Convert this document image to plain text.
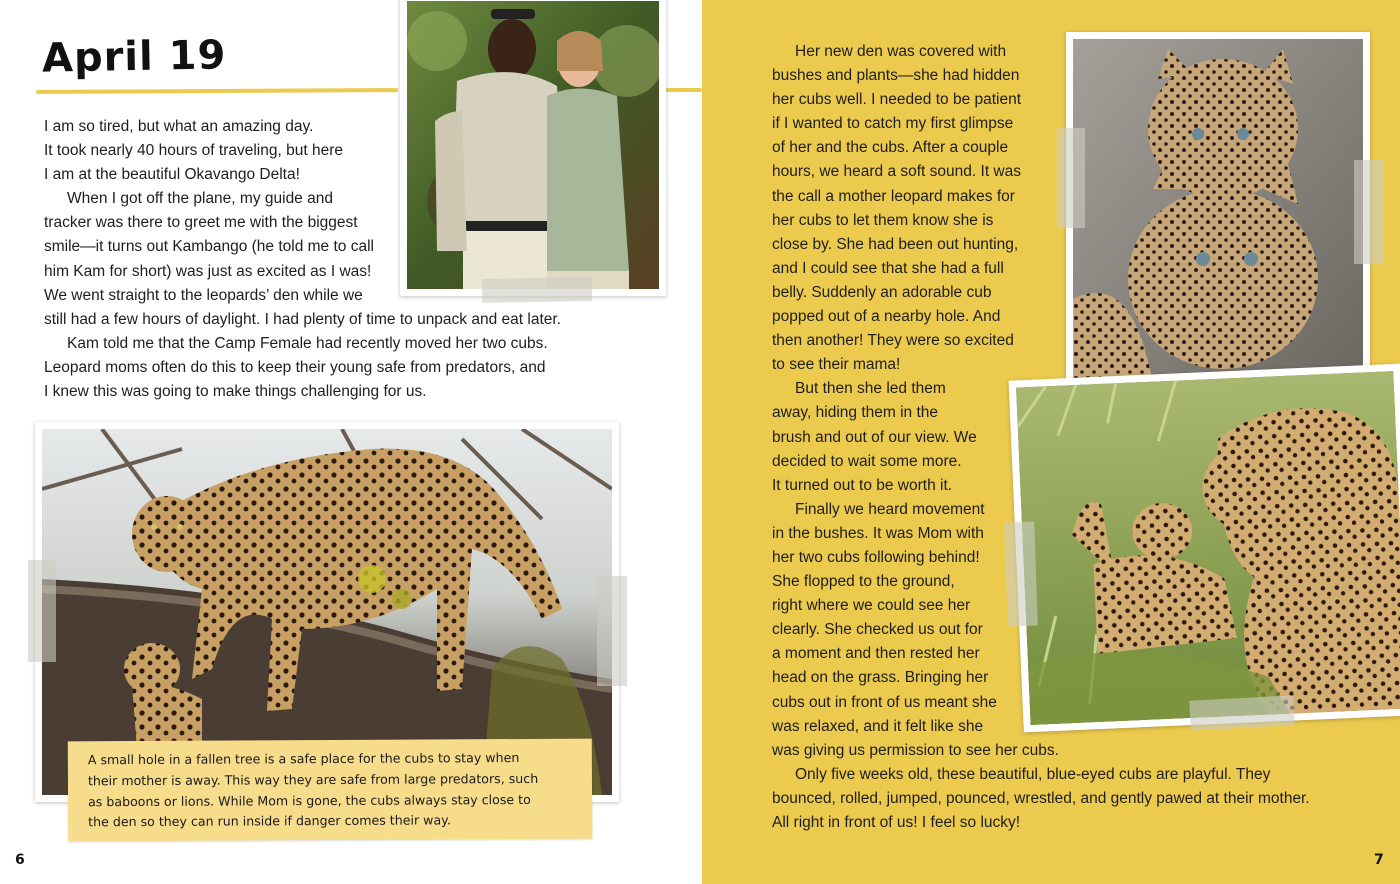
April 19

I am so tired, but what an amazing day.
It took nearly 40 hours of traveling, but here
I am at the beautiful Okavango Delta!

When I got off the plane, my guide and
tracker was there to greet me with the biggest
smile—it turns out Kambango (he told me to call
him Kam for short) was just as excited as I was!
We went straight to the leopards’ den while we
still had a few hours of daylight. I had plenty of time to unpack and eat later.

Kam told me that the Camp Female had recently moved her two cubs.
Leopard moms often do this to keep their young safe from predators, and
I knew this was going to make things challenging for us.

A small hole in a fallen tree is a safe place for the cubs to stay when
their mother is away. This way they are safe from large predators, such
as baboons or lions. While Mom is gone, the cubs always stay close to
the den so they can run inside if danger comes their way.
6

Her new den was covered with
bushes and plants—she had hidden
her cubs well. I needed to be patient
if I wanted to catch my first glimpse
of her and the cubs. After a couple
hours, we heard a soft sound. It was
the call a mother leopard makes for
her cubs to let them know she is
close by. She had been out hunting,
and I could see that she had a full
belly. Suddenly an adorable cub
popped out of a nearby hole. And
then another! They were so excited
to see their mama!

But then she led them
away, hiding them in the
brush and out of our view. We
decided to wait some more.
It turned out to be worth it.

Finally we heard movement
in the bushes. It was Mom with
her two cubs following behind!
She flopped to the ground,
right where we could see her
clearly. She checked us out for
a moment and then rested her
head on the grass. Bringing her
cubs out in front of us meant she
was relaxed, and it felt like she
was giving us permission to see her cubs.

Only five weeks old, these beautiful, blue-eyed cubs are playful. They
bounced, rolled, jumped, pounced, wrestled, and gently pawed at their mother.
All right in front of us! I feel so lucky!

7
